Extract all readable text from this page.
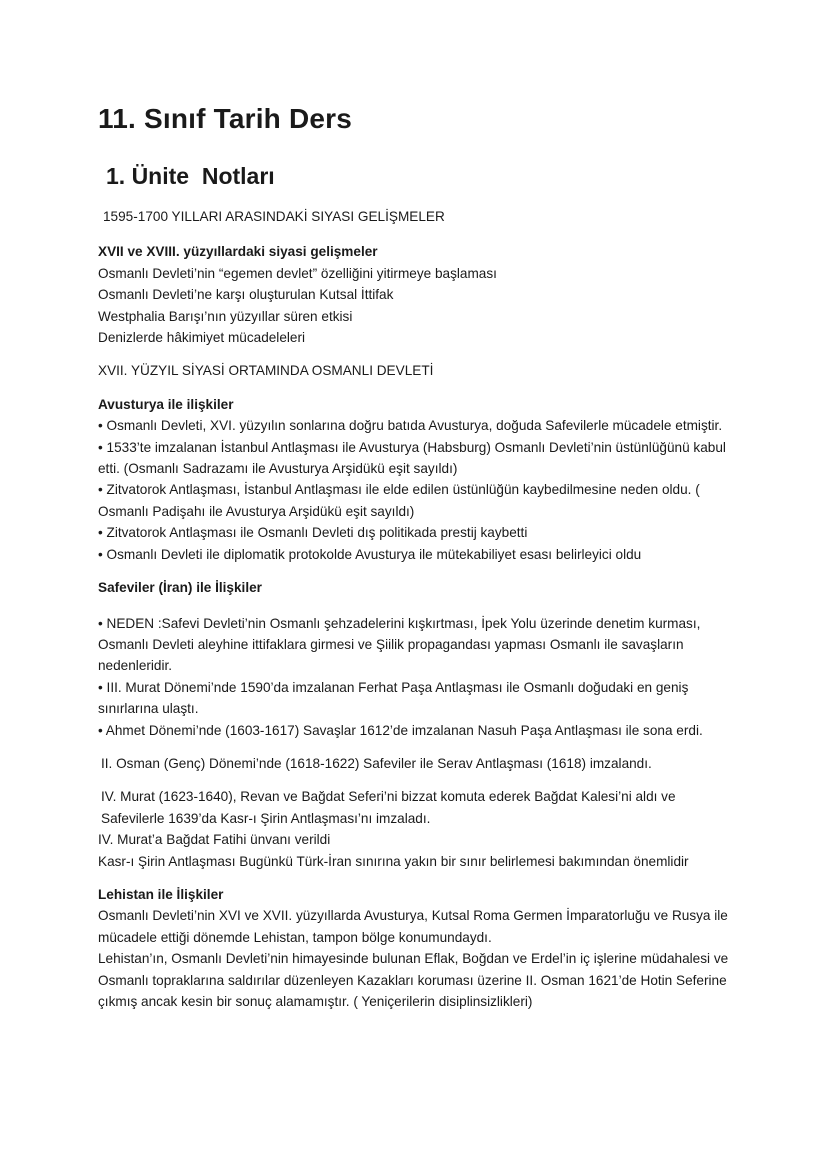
11. Sınıf Tarih Ders
1. Ünite  Notları

1595-1700 YILLARI ARASINDAKİ SIYASI GELİŞMELER

XVII ve XVIII. yüzyıllardaki siyasi gelişmeler

Osmanlı Devleti’nin “egemen devlet” özelliğini yitirmeye başlaması

Osmanlı Devleti’ne karşı oluşturulan Kutsal İttifak

Westphalia Barışı’nın yüzyıllar süren etkisi

Denizlerde hâkimiyet mücadeleleri

XVII. YÜZYIL SİYASİ ORTAMINDA OSMANLI DEVLETİ

Avusturya ile ilişkiler

• Osmanlı Devleti, XVI. yüzyılın sonlarına doğru batıda Avusturya, doğuda Safevilerle mücadele etmiştir.

• 1533’te imzalanan İstanbul Antlaşması ile Avusturya (Habsburg) Osmanlı Devleti’nin üstünlüğünü kabul etti. (Osmanlı Sadrazamı ile Avusturya Arşidükü eşit sayıldı)

• Zitvatorok Antlaşması, İstanbul Antlaşması ile elde edilen üstünlüğün kaybedilmesine neden oldu. ( Osmanlı Padişahı ile Avusturya Arşidükü eşit sayıldı)

• Zitvatorok Antlaşması ile Osmanlı Devleti dış politikada prestij kaybetti

• Osmanlı Devleti ile diplomatik protokolde Avusturya ile mütekabiliyet esası belirleyici oldu

Safeviler (İran) ile İlişkiler

• NEDEN :Safevi Devleti’nin Osmanlı şehzadelerini kışkırtması, İpek Yolu üzerinde denetim kurması, Osmanlı Devleti aleyhine ittifaklara girmesi ve Şiilik propagandası yapması Osmanlı ile savaşların nedenleridir.

• III. Murat Dönemi’nde 1590’da imzalanan Ferhat Paşa Antlaşması ile Osmanlı doğudaki en geniş sınırlarına ulaştı.

• Ahmet Dönemi’nde (1603-1617) Savaşlar 1612’de imzalanan Nasuh Paşa Antlaşması ile sona erdi.

II. Osman (Genç) Dönemi’nde (1618-1622) Safeviler ile Serav Antlaşması (1618) imzalandı.

IV. Murat (1623-1640), Revan ve Bağdat Seferi’ni bizzat komuta ederek Bağdat Kalesi’ni aldı ve Safevilerle 1639’da Kasr-ı Şirin Antlaşması’nı imzaladı.

IV. Murat’a Bağdat Fatihi ünvanı verildi

Kasr-ı Şirin Antlaşması Bugünkü Türk-İran sınırına yakın bir sınır belirlemesi bakımından önemlidir

Lehistan ile İlişkiler

Osmanlı Devleti’nin XVI ve XVII. yüzyıllarda Avusturya, Kutsal Roma Germen İmparatorluğu ve Rusya ile mücadele ettiği dönemde Lehistan, tampon bölge konumundaydı.

Lehistan’ın, Osmanlı Devleti’nin himayesinde bulunan Eflak, Boğdan ve Erdel’in iç işlerine müdahalesi ve Osmanlı topraklarına saldırılar düzenleyen Kazakları koruması üzerine II. Osman 1621’de Hotin Seferine çıkmış ancak kesin bir sonuç alamamıştır. ( Yeniçerilerin disiplinsizlikleri)
